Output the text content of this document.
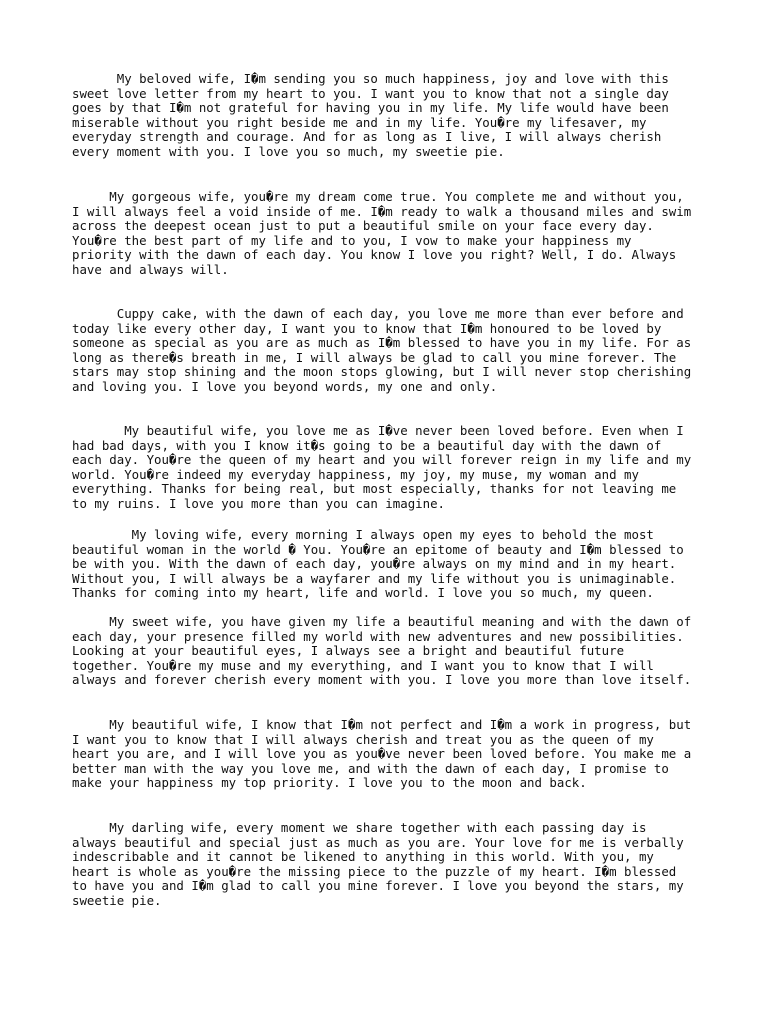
My beloved wife, I�m sending you so much happiness, joy and love with this
sweet love letter from my heart to you. I want you to know that not a single day
goes by that I�m not grateful for having you in my life. My life would have been
miserable without you right beside me and in my life. You�re my lifesaver, my
everyday strength and courage. And for as long as I live, I will always cherish
every moment with you. I love you so much, my sweetie pie.

My gorgeous wife, you�re my dream come true. You complete me and without you,
I will always feel a void inside of me. I�m ready to walk a thousand miles and swim
across the deepest ocean just to put a beautiful smile on your face every day.
You�re the best part of my life and to you, I vow to make your happiness my
priority with the dawn of each day. You know I love you right? Well, I do. Always
have and always will.

Cuppy cake, with the dawn of each day, you love me more than ever before and
today like every other day, I want you to know that I�m honoured to be loved by
someone as special as you are as much as I�m blessed to have you in my life. For as
long as there�s breath in me, I will always be glad to call you mine forever. The
stars may stop shining and the moon stops glowing, but I will never stop cherishing
and loving you. I love you beyond words, my one and only.

My beautiful wife, you love me as I�ve never been loved before. Even when I
had bad days, with you I know it�s going to be a beautiful day with the dawn of
each day. You�re the queen of my heart and you will forever reign in my life and my
world. You�re indeed my everyday happiness, my joy, my muse, my woman and my
everything. Thanks for being real, but most especially, thanks for not leaving me
to my ruins. I love you more than you can imagine.

My loving wife, every morning I always open my eyes to behold the most
beautiful woman in the world � You. You�re an epitome of beauty and I�m blessed to
be with you. With the dawn of each day, you�re always on my mind and in my heart.
Without you, I will always be a wayfarer and my life without you is unimaginable.
Thanks for coming into my heart, life and world. I love you so much, my queen.

My sweet wife, you have given my life a beautiful meaning and with the dawn of
each day, your presence filled my world with new adventures and new possibilities.
Looking at your beautiful eyes, I always see a bright and beautiful future
together. You�re my muse and my everything, and I want you to know that I will
always and forever cherish every moment with you. I love you more than love itself.

My beautiful wife, I know that I�m not perfect and I�m a work in progress, but
I want you to know that I will always cherish and treat you as the queen of my
heart you are, and I will love you as you�ve never been loved before. You make me a
better man with the way you love me, and with the dawn of each day, I promise to
make your happiness my top priority. I love you to the moon and back.

My darling wife, every moment we share together with each passing day is
always beautiful and special just as much as you are. Your love for me is verbally
indescribable and it cannot be likened to anything in this world. With you, my
heart is whole as you�re the missing piece to the puzzle of my heart. I�m blessed
to have you and I�m glad to call you mine forever. I love you beyond the stars, my
sweetie pie.
